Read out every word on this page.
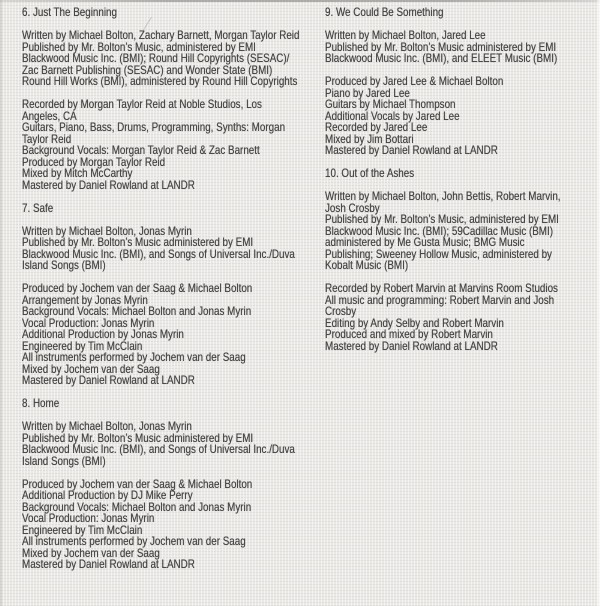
6. Just The Beginning

Written by Michael Bolton, Zachary Barnett, Morgan Taylor Reid
Published by Mr. Bolton’s Music, administered by EMI
Blackwood Music Inc. (BMI); Round Hill Copyrights (SESAC)/
Zac Barnett Publishing (SESAC) and Wonder State (BMI)
Round Hill Works (BMI), administered by Round Hill Copyrights

Recorded by Morgan Taylor Reid at Noble Studios, Los
Angeles, CA
Guitars, Piano, Bass, Drums, Programming, Synths: Morgan
Taylor Reid
Background Vocals: Morgan Taylor Reid & Zac Barnett
Produced by Morgan Taylor Reid
Mixed by Mitch McCarthy
Mastered by Daniel Rowland at LANDR

7. Safe

Written by Michael Bolton, Jonas Myrin
Published by Mr. Bolton’s Music administered by EMI
Blackwood Music Inc. (BMI), and Songs of Universal Inc./Duva
Island Songs (BMI)

Produced by Jochem van der Saag & Michael Bolton
Arrangement by Jonas Myrin
Background Vocals: Michael Bolton and Jonas Myrin
Vocal Production: Jonas Myrin
Additional Production by Jonas Myrin
Engineered by Tim McClain
All instruments performed by Jochem van der Saag
Mixed by Jochem van der Saag
Mastered by Daniel Rowland at LANDR

8. Home

Written by Michael Bolton, Jonas Myrin
Published by Mr. Bolton’s Music administered by EMI
Blackwood Music Inc. (BMI), and Songs of Universal Inc./Duva
Island Songs (BMI)

Produced by Jochem van der Saag & Michael Bolton
Additional Production by DJ Mike Perry
Background Vocals: Michael Bolton and Jonas Myrin
Vocal Production: Jonas Myrin
Engineered by Tim McClain
All instruments performed by Jochem van der Saag
Mixed by Jochem van der Saag
Mastered by Daniel Rowland at LANDR

9. We Could Be Something

Written by Michael Bolton, Jared Lee
Published by Mr. Bolton’s Music administered by EMI
Blackwood Music Inc. (BMI), and ELEET Music (BMI)

Produced by Jared Lee & Michael Bolton
Piano by Jared Lee
Guitars by Michael Thompson
Additional Vocals by Jared Lee
Recorded by Jared Lee
Mixed by Jim Bottari
Mastered by Daniel Rowland at LANDR

10. Out of the Ashes

Written by Michael Bolton, John Bettis, Robert Marvin,
Josh Crosby
Published by Mr. Bolton’s Music, administered by EMI
Blackwood Music Inc. (BMI); 59Cadillac Music (BMI)
administered by Me Gusta Music; BMG Music
Publishing; Sweeney Hollow Music, administered by
Kobalt Music (BMI)

Recorded by Robert Marvin at Marvins Room Studios
All music and programming: Robert Marvin and Josh
Crosby
Editing by Andy Selby and Robert Marvin
Produced and mixed by Robert Marvin
Mastered by Daniel Rowland at LANDR
